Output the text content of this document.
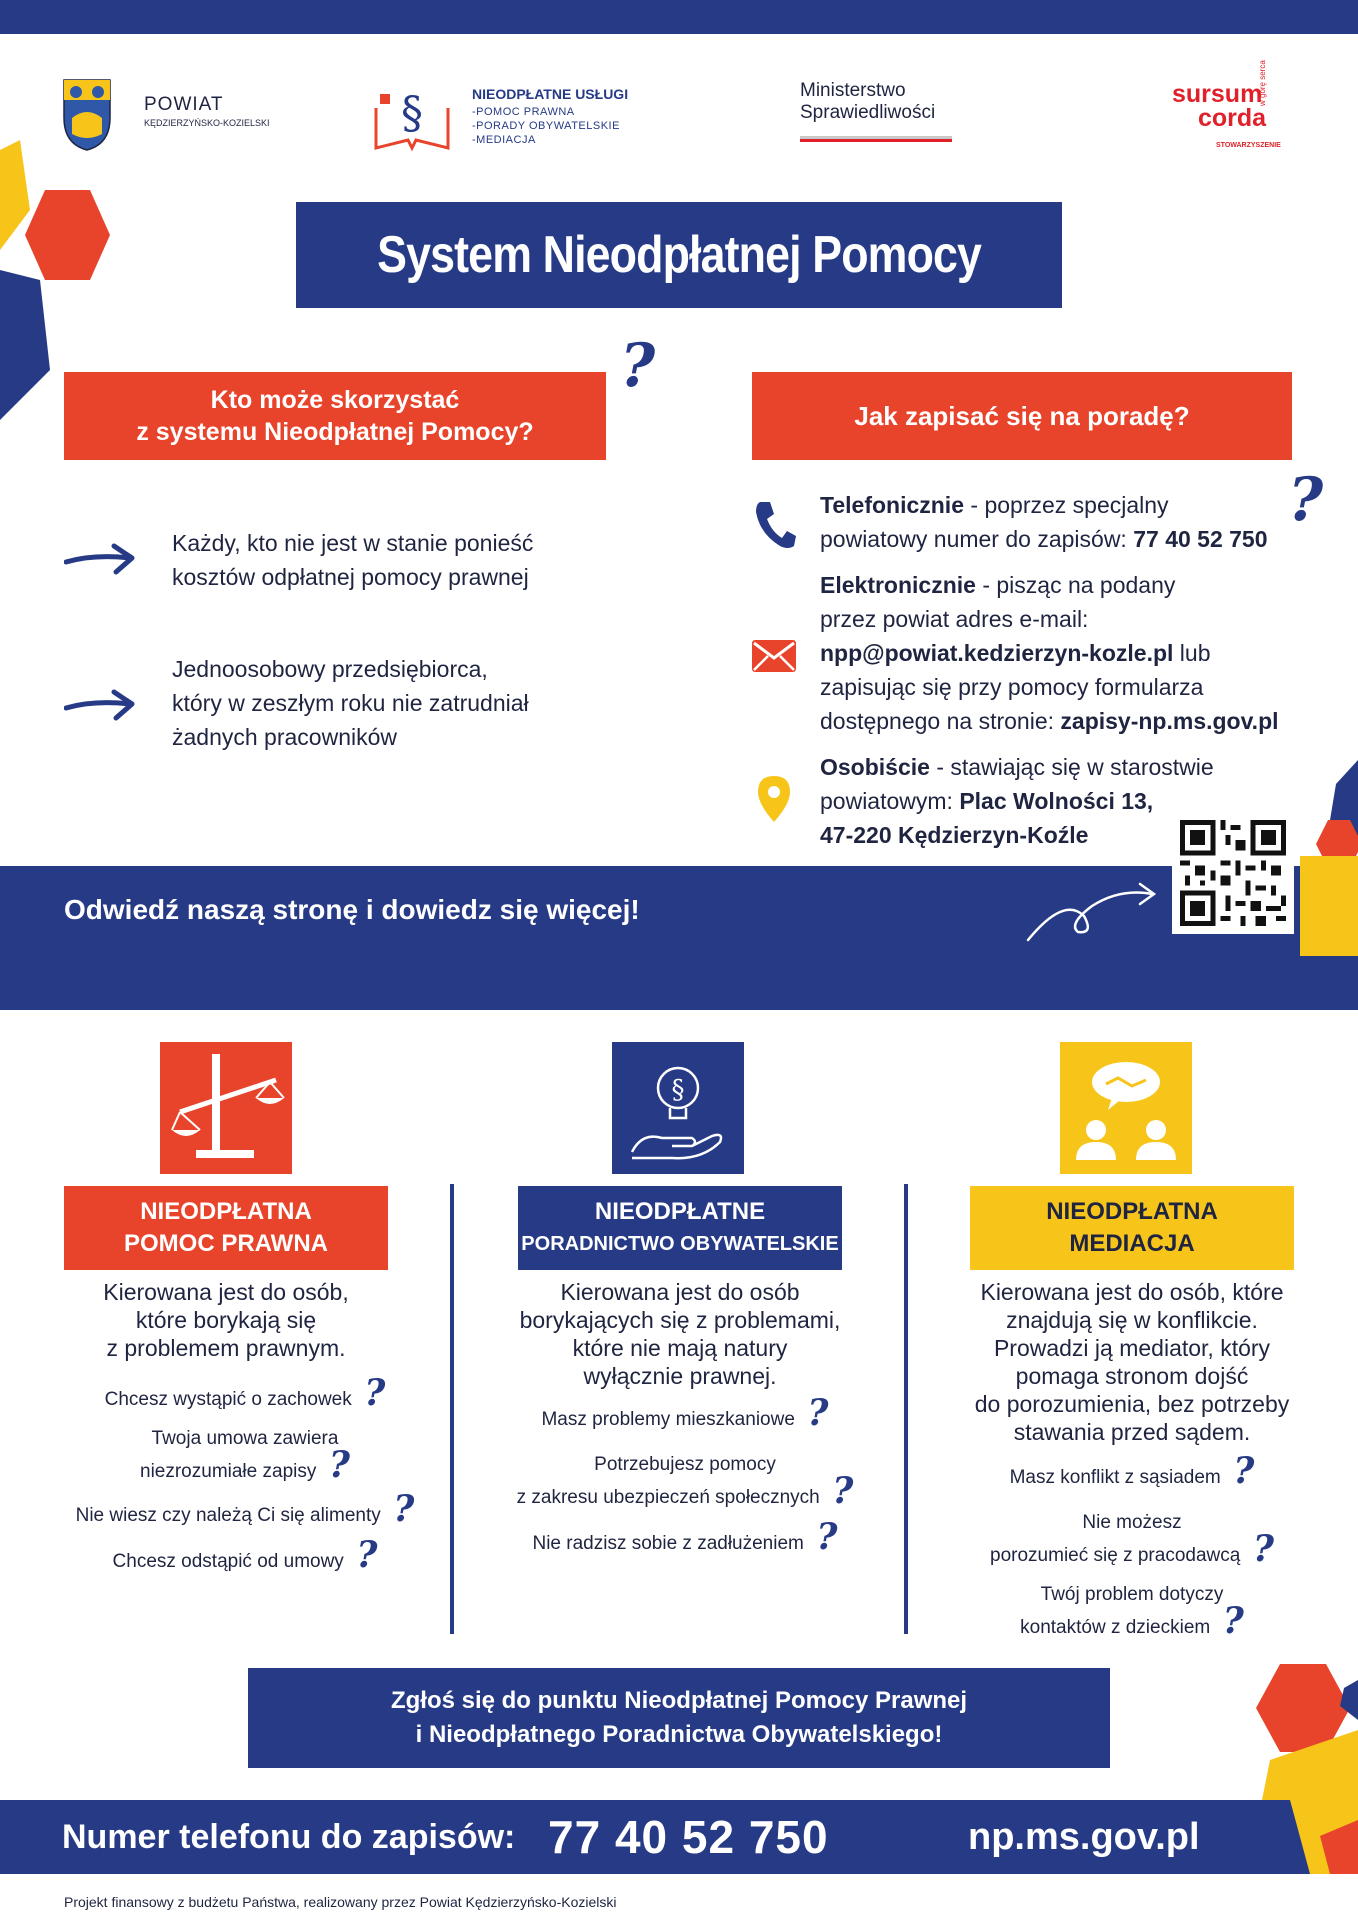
POWIAT
KĘDZIERZYŃSKO-KOZIELSKI	§	NIEODPŁATNE USŁUGI
-POMOC PRAWNA
-PORADY OBYWATELSKIE
-MEDIACJA
Ministerstwo
Sprawiedliwości
sursum
corda
STOWARZYSZENIE
w górę serca
System Nieodpłatnej Pomocy
Kto może skorzystać
z systemu Nieodpłatnej Pomocy?
?
Każdy, kto nie jest w stanie ponieść
kosztów odpłatnej pomocy prawnej
Jednoosobowy przedsiębiorca,
który w zeszłym roku nie zatrudniał
żadnych pracowników
Jak zapisać się na poradę?
Telefonicznie - poprzez specjalny
powiatowy numer do zapisów: 77 40 52 750
?
Elektronicznie - pisząc na podany
przez powiat adres e-mail:
npp@powiat.kedzierzyn-kozle.pl lub
zapisując się przy pomocy formularza
dostępnego na stronie: zapisy-np.ms.gov.pl
Osobiście - stawiając się w starostwie
powiatowym: Plac Wolności 13,
47-220 Kędzierzyn-Koźle
Odwiedź naszą stronę i dowiedz się więcej!
§
NIEODPŁATNA
POMOC PRAWNA
Kierowana jest do osób,
które borykają się
z problemem prawnym.
Chcesz wystąpić o zachowek ?
Twoja umowa zawiera
niezrozumiałe zapisy ?
Nie wiesz czy należą Ci się alimenty ?
Chcesz odstąpić od umowy ?
NIEODPŁATNE
PORADNICTWO OBYWATELSKIE
Kierowana jest do osób
borykających się z problemami,
które nie mają natury
wyłącznie prawnej.
Masz problemy mieszkaniowe ?
Potrzebujesz pomocy
z zakresu ubezpieczeń społecznych ?
Nie radzisz sobie z zadłużeniem ?
NIEODPŁATNA
MEDIACJA
Kierowana jest do osób, które
znajdują się w konflikcie.
Prowadzi ją mediator, który
pomaga stronom dojść
do porozumienia, bez potrzeby
stawania przed sądem.
Masz konflikt z sąsiadem ?
Nie możesz
porozumieć się z pracodawcą ?
Twój problem dotyczy
kontaktów z dzieckiem ?
Zgłoś się do punktu Nieodpłatnej Pomocy Prawnej
i Nieodpłatnego Poradnictwa Obywatelskiego!
Numer telefonu do zapisów: 77 40 52 750	np.ms.gov.pl
Projekt finansowy z budżetu Państwa, realizowany przez Powiat Kędzierzyńsko-Kozielski
